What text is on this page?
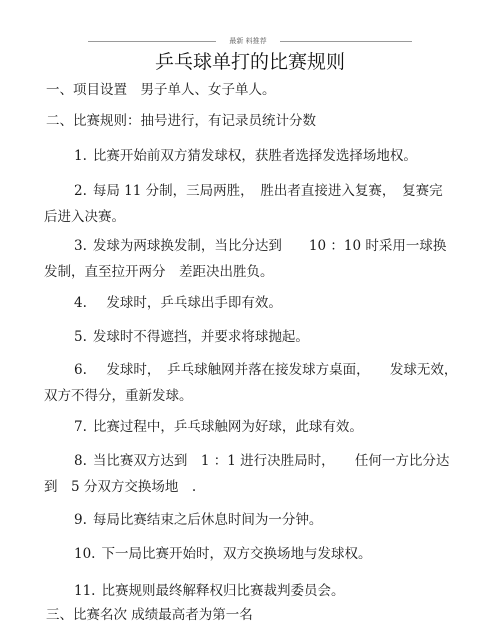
最新 料推荐
乒乓球单打的比赛规则
一、项目设置　男子单人、女子单人。
二、比赛规则：抽号进行，有记录员统计分数
1. 比赛开始前双方猜发球权，获胜者选择发选择场地权。
2. 每局 11 分制，三局两胜，　胜出者直接进入复赛，　复赛完后进入决赛。
3. 发球为两球换发制，当比分达到　　10 ：10 时采用一球换发制，直至拉开两分　差距决出胜负。
4.　发球时，乒乓球出手即有效。
5. 发球时不得遮挡，并要求将球抛起。
6.　发球时，　乒乓球触网并落在接发球方桌面，　　发球无效，　双方不得分，重新发球。
7. 比赛过程中，乒乓球触网为好球，此球有效。
8. 当比赛双方达到　1 ：1 进行决胜局时，　　任何一方比分达到　5 分双方交换场地　.
9. 每局比赛结束之后休息时间为一分钟。
10. 下一局比赛开始时，双方交换场地与发球权。
11. 比赛规则最终解释权归比赛裁判委员会。
三、比赛名次 成绩最高者为第一名
